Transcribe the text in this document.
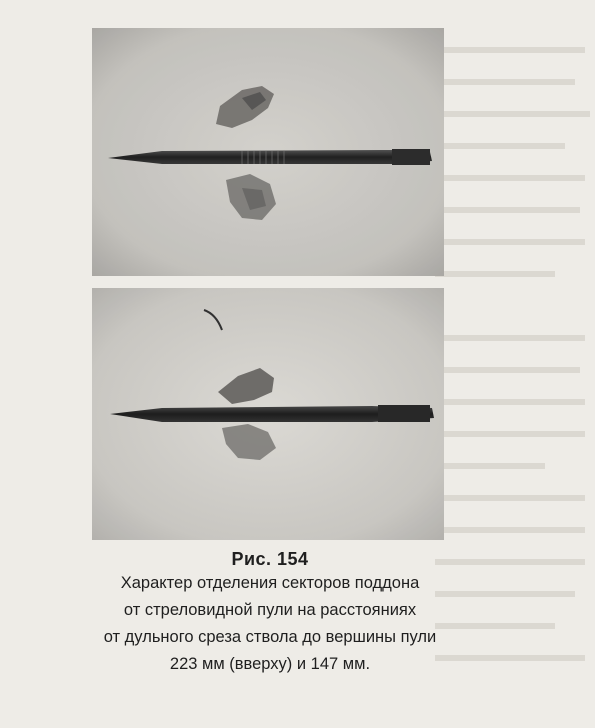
Рис. 154
Характер отделения секторов поддона
от стреловидной пули на расстояниях
от дульного среза ствола до вершины пули
223 мм (вверху) и 147 мм.
